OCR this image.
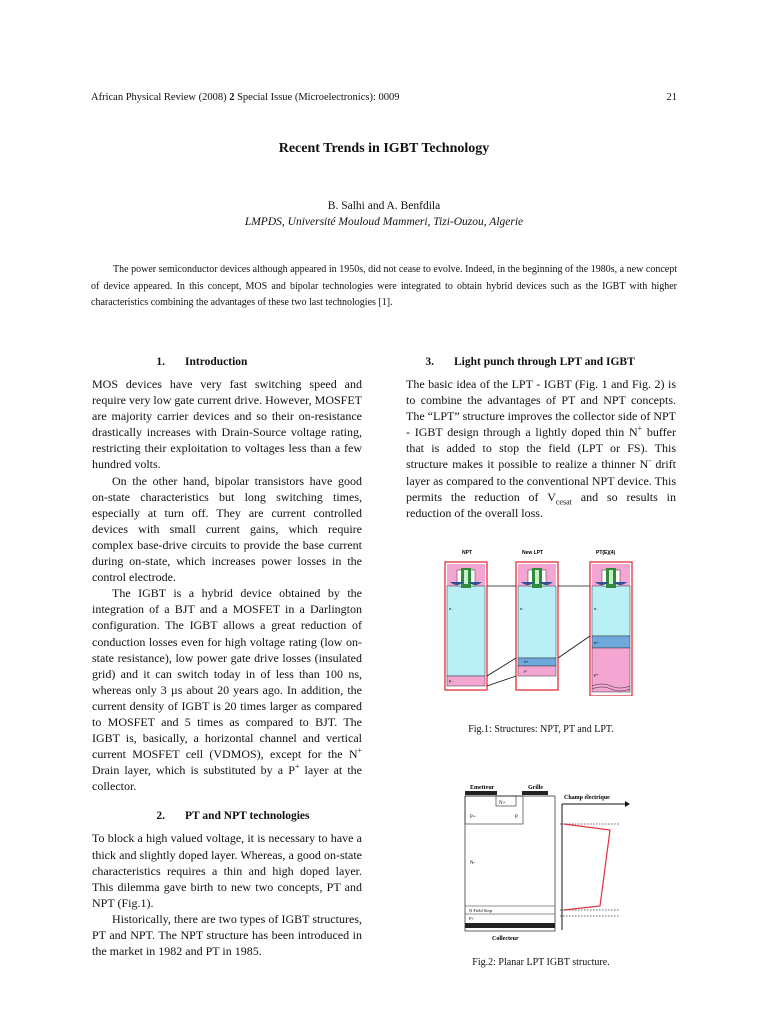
African Physical Review (2008) 2 Special Issue (Microelectronics): 0009	21
Recent Trends in IGBT Technology
B. Salhi and A. Benfdila
LMPDS, Université Mouloud Mammeri, Tizi-Ouzou, Algerie

The power semiconductor devices although appeared in 1950s, did not cease to evolve. Indeed, in the beginning of the 1980s, a new concept of device appeared. In this concept, MOS and bipolar technologies were integrated to obtain hybrid devices such as the IGBT with higher characteristics combining the advantages of these two last technologies [1].

1. Introduction

MOS devices have very fast switching speed and require very low gate current drive. However, MOSFET are majority carrier devices and so their on-resistance drastically increases with Drain-Source voltage rating, restricting their exploitation to voltages less than a few hundred volts.

On the other hand, bipolar transistors have good on-state characteristics but long switching times, especially at turn off. They are current controlled devices with small current gains, which require complex base-drive circuits to provide the base current during on-state, which increases power losses in the control electrode.

The IGBT is a hybrid device obtained by the integration of a BJT and a MOSFET in a Darlington configuration. The IGBT allows a great reduction of conduction losses even for high voltage rating (low on-state resistance), low power gate drive losses (insulated grid) and it can switch today in of less than 100 ns, whereas only 3 µs about 20 years ago. In addition, the current density of IGBT is 20 times larger as compared to MOSFET and 5 times as compared to BJT. The IGBT is, basically, a horizontal channel and vertical current MOSFET cell (VDMOS), except for the N+ Drain layer, which is substituted by a P+ layer at the collector.

2. PT and NPT technologies

To block a high valued voltage, it is necessary to have a thick and slightly doped layer. Whereas, a good on-state characteristics requires a thin and high doped layer. This dilemma gave birth to new two concepts, PT and NPT (Fig.1).

Historically, there are two types of IGBT structures, PT and NPT. The NPT structure has been introduced in the market in 1982 and PT in 1985.

3. Light punch through LPT and IGBT

The basic idea of the LPT - IGBT (Fig. 1 and Fig. 2) is to combine the advantages of PT and NPT concepts. The “LPT” structure improves the collector side of NPT - IGBT design through a lightly doped thin N+ buffer that is added to stop the field (LPT or FS). This structure makes it possible to realize a thinner N- drift layer as compared to the conventional NPT device. This permits the reduction of $V_{cesat}$ and so results in reduction of the overall loss.

NPT	New LPT	PT(E)(4)
n-
p-
n-
n+
P
n-
n+
p+
Fig.1: Structures: NPT, PT and LPT.
Emetteur	Grille
Champ électrique
N+
P+	P
N-
N Field Stop
P+
Collecteur
Fig.2: Planar LPT IGBT structure.
